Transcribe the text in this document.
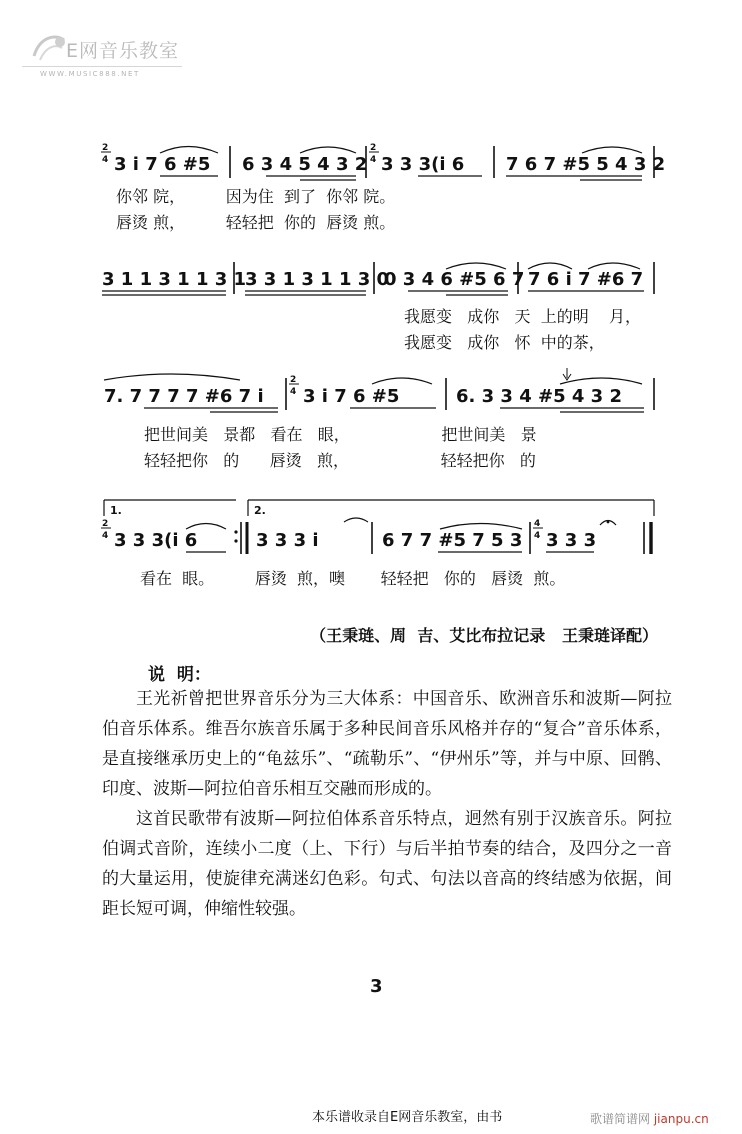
E网音乐教室
WWW.MUSIC888.NET
2
4 3 i 7 6 #5 6 3 4 5 4 3 2
2
4 3 3 3(i 6 7 6 7 #5 5 4 3 2
3 1 1 3 1 1 3 1
3 3 1 3 1 1 3 0
0 3 4 6 #5 6 7 7 6 i 7 #6 7
7. 7 7 7 7 #6 7 i
2
4 3 i 7 6 #5	6. 3 3 4 #5 4 3 2
1.	2.
2
4 3 3 3(i 6	3 3 3 i	6 7 7 #5 7 5 3
4
4 3 3 3
你邻 院，        因为住  到了  你邻 院。
唇烫 煎，        轻轻把  你的  唇烫 煎。
我愿变   成你   天  上的明    月，
我愿变   成你   怀  中的茶，
把世间美   景都   看在   眼，                  把世间美   景
轻轻把你   的      唇烫   煎，                  轻轻把你   的
看在  眼。        唇烫  煎，噢       轻轻把   你的   唇烫  煎。
（王秉琏、周  吉、艾比布拉记录   王秉琏译配）
说  明：

王光祈曾把世界音乐分为三大体系：中国音乐、欧洲音乐和波斯—阿拉伯音乐体系。维吾尔族音乐属于多种民间音乐风格并存的“复合”音乐体系，是直接继承历史上的“龟兹乐”、“疏勒乐”、“伊州乐”等，并与中原、回鹘、印度、波斯—阿拉伯音乐相互交融而形成的。

这首民歌带有波斯—阿拉伯体系音乐特点，迥然有别于汉族音乐。阿拉伯调式音阶，连续小二度（上、下行）与后半拍节奏的结合，及四分之一音的大量运用，使旋律充满迷幻色彩。句式、句法以音高的终结感为依据，间距长短可调，伸缩性较强。

3
本乐谱收录自E网音乐教室，由书	歌谱简谱网 jianpu.cn
